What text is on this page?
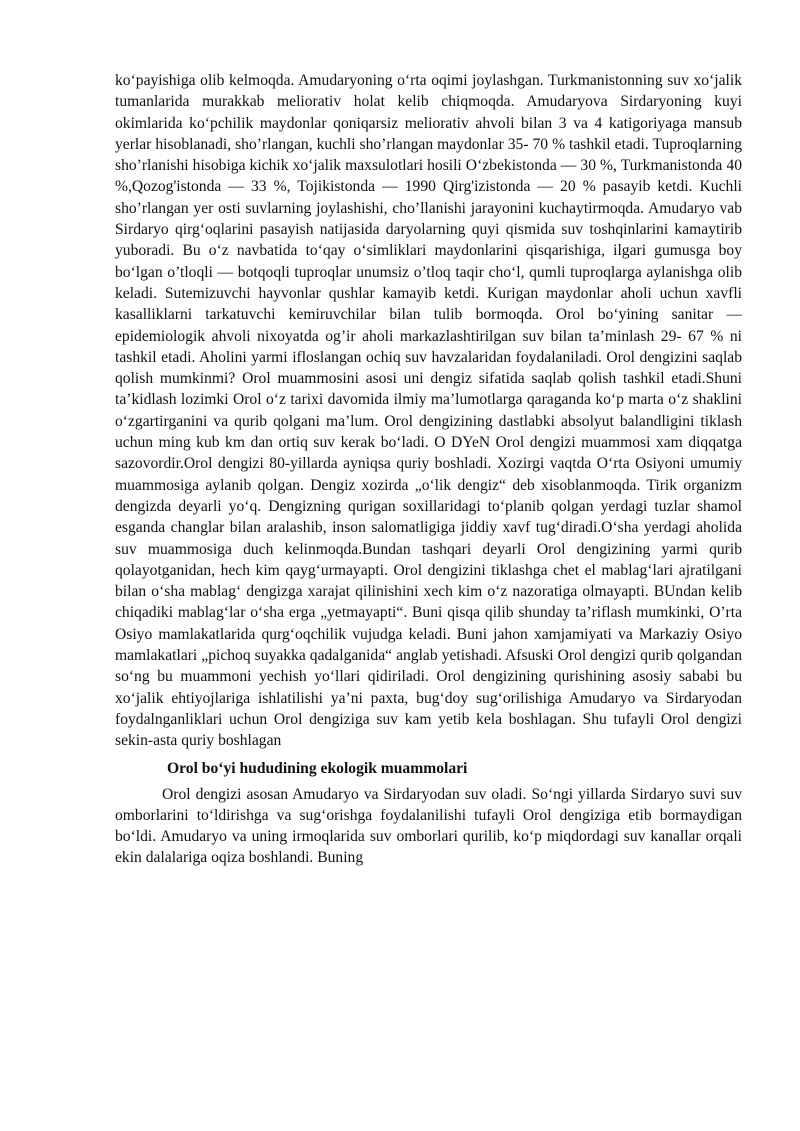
ko‘payishiga olib kelmoqda. Amudaryoning o‘rta oqimi joylashgan. Turkmanistonning suv xo‘jalik tumanlarida murakkab meliorativ holat kelib chiqmoqda. Amudaryova Sirdaryoning kuyi okimlarida ko‘pchilik maydonlar qoniqarsiz meliorativ ahvoli bilan 3 va 4 katigoriyaga mansub yerlar hisoblanadi, sho’rlangan, kuchli sho’rlangan maydonlar 35- 70 % tashkil etadi. Tuproqlarning sho’rlanishi hisobiga kichik xo‘jalik maxsulotlari hosili O‘zbekistonda — 30 %, Turkmanistonda 40 %,Qozog'istonda — 33 %, Tojikistonda — 1990 Qirg'izistonda — 20 % pasayib ketdi. Kuchli sho’rlangan yer osti suvlarning joylashishi, cho’llanishi jarayonini kuchaytirmoqda. Amudaryo vab Sirdaryo qirg‘oqlarini pasayish natijasida daryolarning quyi qismida suv toshqinlarini kamaytirib yuboradi. Bu o‘z navbatida to‘qay o‘simliklari maydonlarini qisqarishiga, ilgari gumusga boy bo‘lgan o’tloqli — botqoqli tuproqlar unumsiz o’tloq taqir cho‘l, qumli tuproqlarga aylanishga olib keladi. Sutemizuvchi hayvonlar qushlar kamayib ketdi. Kurigan maydonlar aholi uchun xavfli kasalliklarni tarkatuvchi kemiruvchilar bilan tulib bormoqda. Orol bo‘yining sanitar — epidemiologik ahvoli nixoyatda og’ir aholi markazlashtirilgan suv bilan ta’minlash 29- 67 % ni tashkil etadi. Aholini yarmi ifloslangan ochiq suv havzalaridan foydalaniladi. Orol dengizini saqlab qolish mumkinmi? Orol muammosini asosi uni dengiz sifatida saqlab qolish tashkil etadi.Shuni ta’kidlash lozimki Orol o‘z tarixi davomida ilmiy ma’lumotlarga qaraganda ko‘p marta o‘z shaklini o‘zgartirganini va qurib qolgani ma’lum. Orol dengizining dastlabki absolyut balandligini tiklash uchun ming kub km dan ortiq suv kerak bo‘ladi. O DYeN Orol dengizi muammosi xam diqqatga sazovordir.Orol dengizi 80-yillarda ayniqsa quriy boshladi. Xozirgi vaqtda O‘rta Osiyoni umumiy muammosiga aylanib qolgan. Dengiz xozirda „o‘lik dengiz“ deb xisoblanmoqda. Tirik organizm dengizda deyarli yo‘q. Dengizning qurigan soxillaridagi to‘planib qolgan yerdagi tuzlar shamol esganda changlar bilan aralashib, inson salomatligiga jiddiy xavf tug‘diradi.O‘sha yerdagi aholida suv muammosiga duch kelinmoqda.Bundan tashqari deyarli Orol dengizining yarmi qurib qolayotganidan, hech kim qayg‘urmayapti. Orol dengizini tiklashga chet el mablag‘lari ajratilgani bilan o‘sha mablag‘ dengizga xarajat qilinishini xech kim o‘z nazoratiga olmayapti. BUndan kelib chiqadiki mablag‘lar o‘sha erga „yetmayapti“. Buni qisqa qilib shunday ta’riflash mumkinki, O’rta Osiyo mamlakatlarida qurg‘oqchilik vujudga keladi. Buni jahon xamjamiyati va Markaziy Osiyo mamlakatlari „pichoq suyakka qadalganida“ anglab yetishadi. Afsuski Orol dengizi qurib qolgandan so‘ng bu muammoni yechish yo‘llari qidiriladi. Orol dengizining qurishining asosiy sababi bu xo‘jalik ehtiyojlariga ishlatilishi ya’ni paxta, bug‘doy sug‘orilishiga Amudaryo va Sirdaryodan foydalnganliklari uchun Orol dengiziga suv kam yetib kela boshlagan. Shu tufayli Orol dengizi sekin-asta quriy boshlagan

Orol bo‘yi hududining ekologik muammolari

Orol dengizi asosan Amudaryo va Sirdaryodan suv oladi. So‘ngi yillarda Sirdaryo suvi suv omborlarini to‘ldirishga va sug‘orishga foydalanilishi tufayli Orol dengiziga etib bormaydigan bo‘ldi. Amudaryo va uning irmoqlarida suv omborlari qurilib, ko‘p miqdordagi suv kanallar orqali ekin dalalariga oqiza boshlandi. Buning
